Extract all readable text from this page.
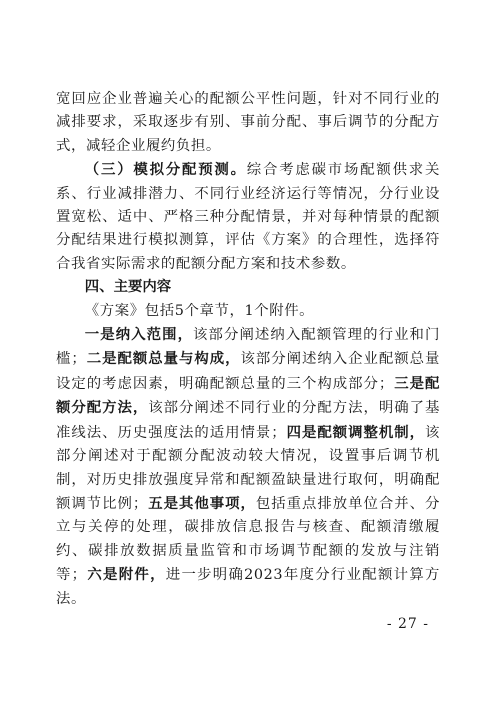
宽回应企业普遍关心的配额公平性问题，针对不同行业的减排要求，采取逐步有别、事前分配、事后调节的分配方式，减轻企业履约负担。

（三）模拟分配预测。综合考虑碳市场配额供求关系、行业减排潜力、不同行业经济运行等情况，分行业设置宽松、适中、严格三种分配情景，并对每种情景的配额分配结果进行模拟测算，评估《方案》的合理性，选择符合我省实际需求的配额分配方案和技术参数。

四、主要内容

《方案》包括5个章节，1个附件。

一是纳入范围，该部分阐述纳入配额管理的行业和门槛；二是配额总量与构成，该部分阐述纳入企业配额总量设定的考虑因素，明确配额总量的三个构成部分；三是配额分配方法，该部分阐述不同行业的分配方法，明确了基准线法、历史强度法的适用情景；四是配额调整机制，该部分阐述对于配额分配波动较大情况，设置事后调节机制，对历史排放强度异常和配额盈缺量进行取何，明确配额调节比例；五是其他事项，包括重点排放单位合并、分立与关停的处理，碳排放信息报告与核查、配额清缴履约、碳排放数据质量监管和市场调节配额的发放与注销等；六是附件，进一步明确2023年度分行业配额计算方法。

- 27 -
